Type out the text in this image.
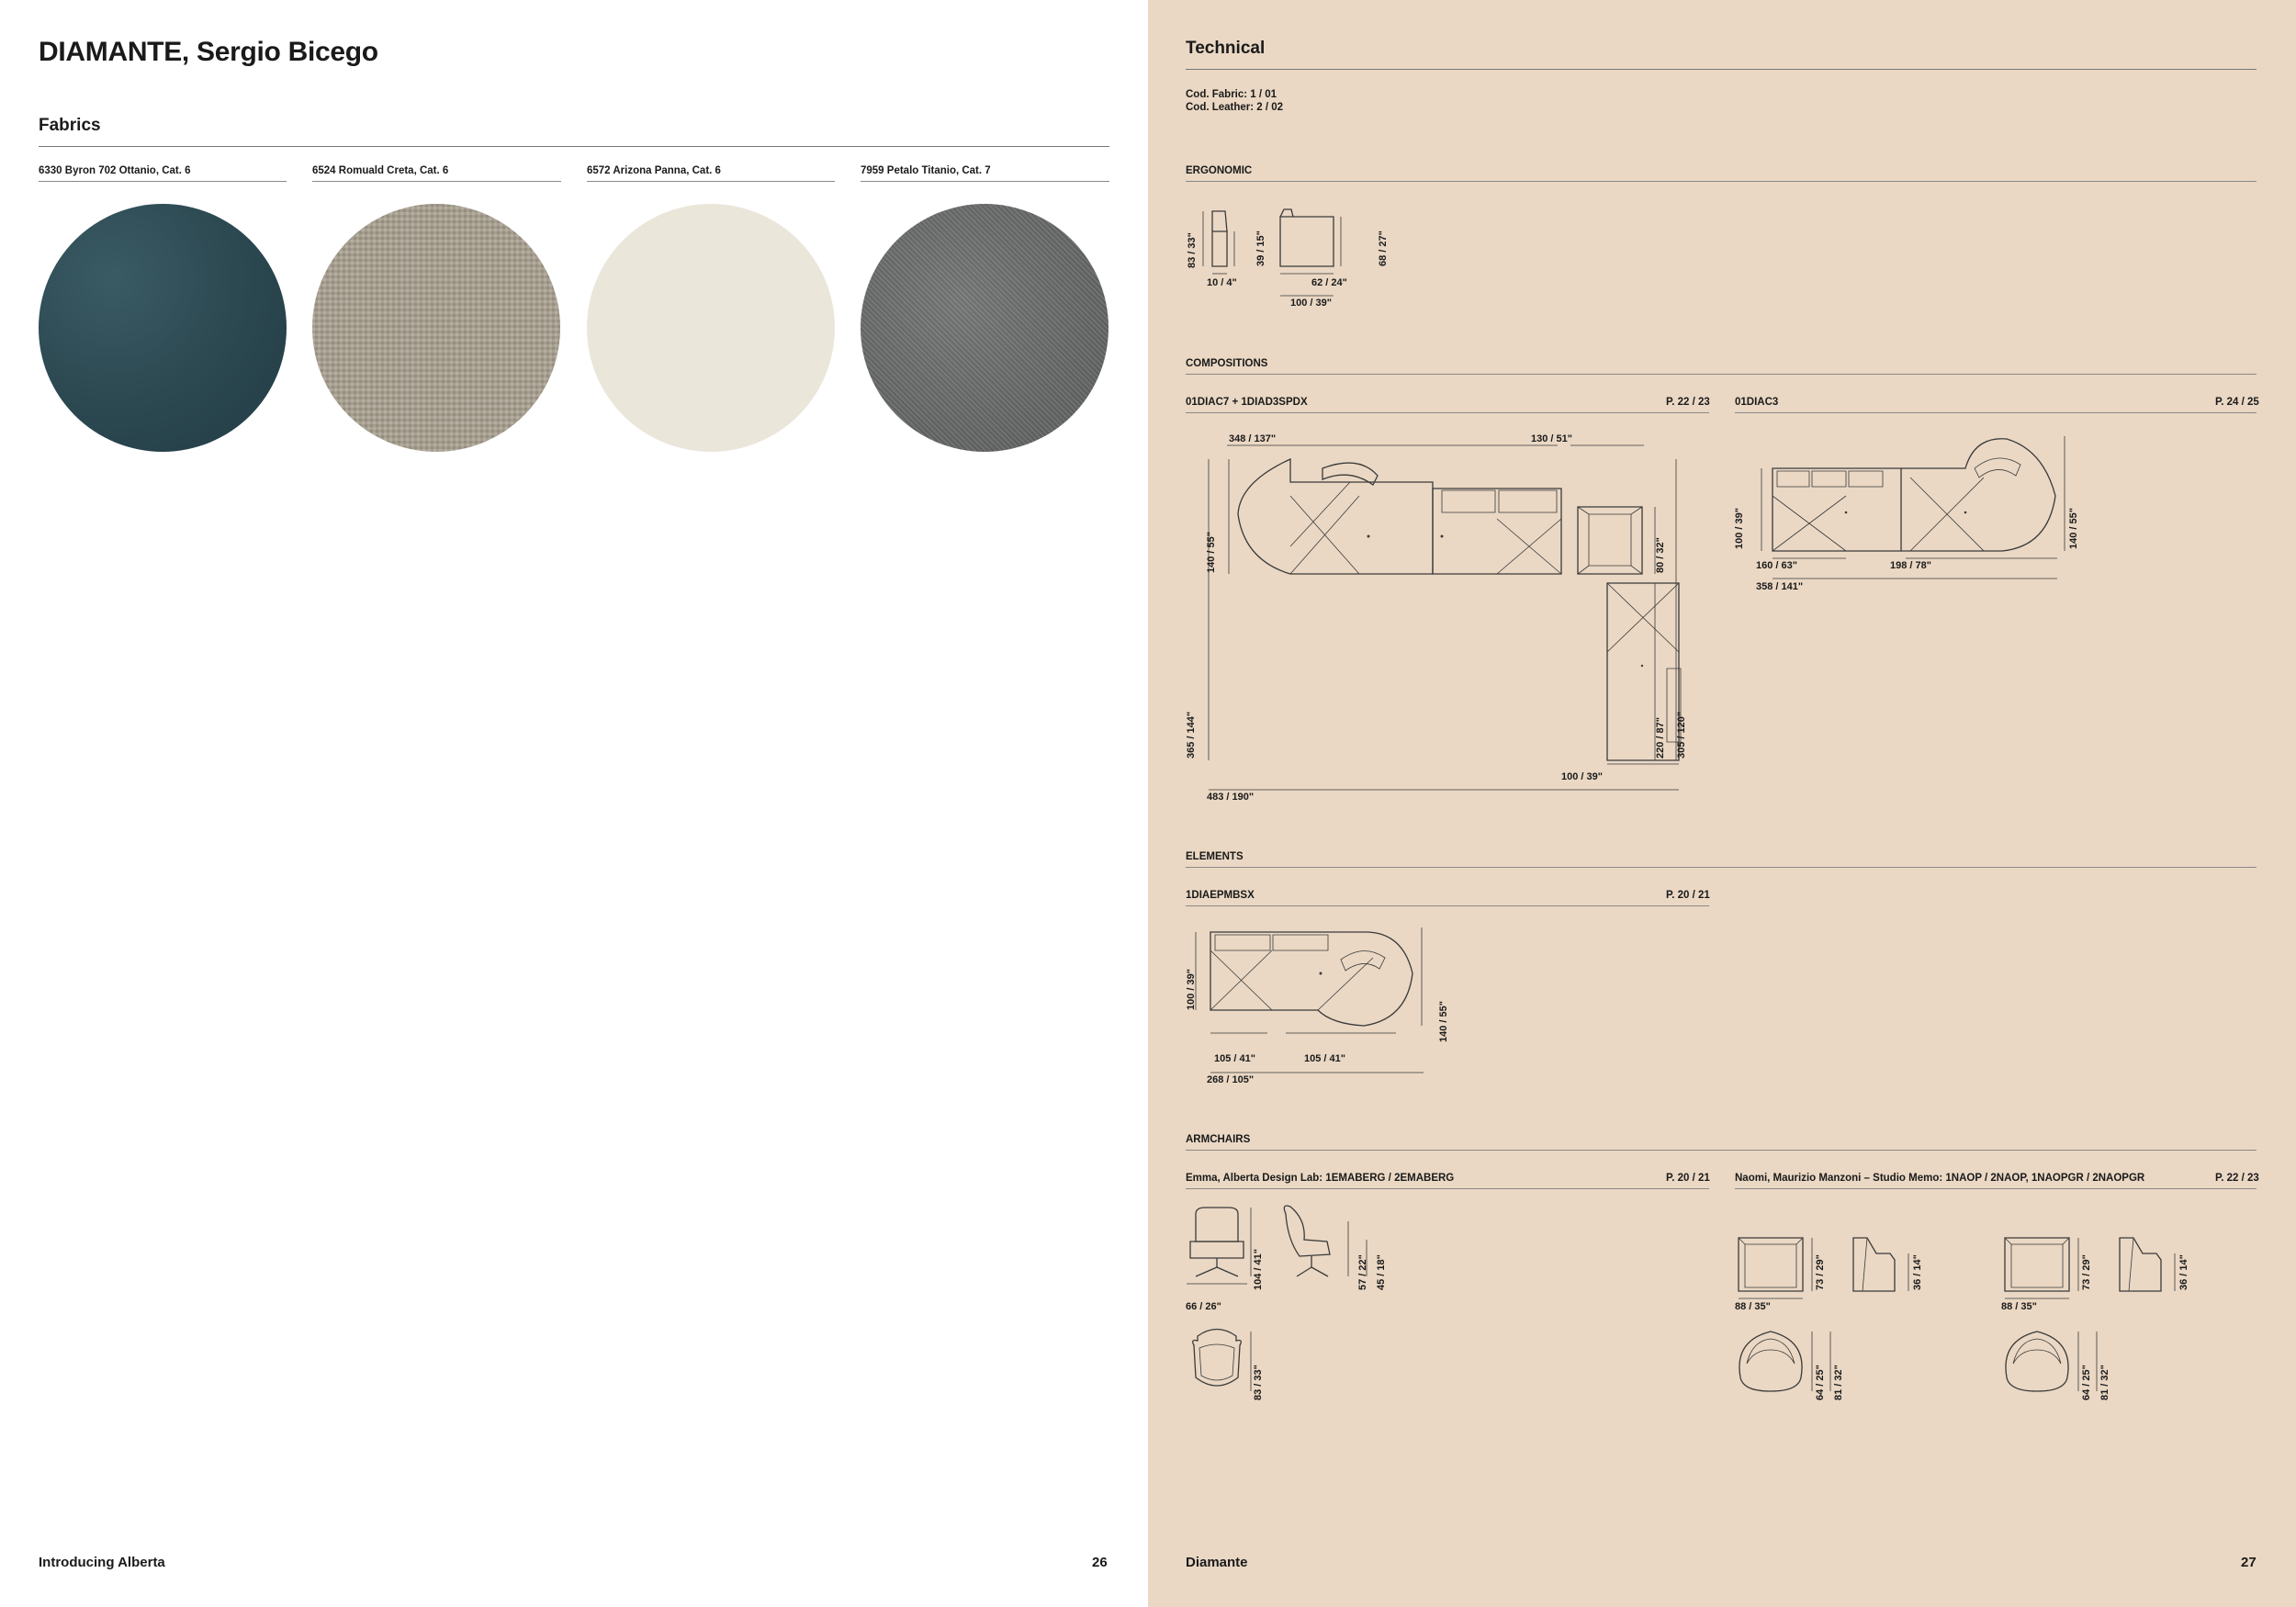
DIAMANTE, Sergio Bicego
Fabrics
6330 Byron 702 Ottanio, Cat. 6	6524 Romuald Creta, Cat. 6	6572 Arizona Panna, Cat. 6	7959 Petalo Titanio, Cat. 7
Introducing Alberta	26
Technical
Cod. Fabric: 1 / 01
Cod. Leather: 2 / 02
ERGONOMIC
83 / 33"	39 / 15"
10 / 4"	62 / 24"
100 / 39"
68 / 27"
COMPOSITIONS
01DIAC7 + 1DIAD3SPDX	P. 22 / 23 01DIAC3	P. 24 / 25
348 / 137"	130 / 51"
140 / 55"	80 / 32"
365 / 144"	220 / 87" 305 / 120"
100 / 39"
483 / 190"
100 / 39"
160 / 63"	198 / 78"
358 / 141"
140 / 55"
ELEMENTS
1DIAEPMBSX	P. 20 / 21
100 / 39"
105 / 41"	105 / 41"
268 / 105"
140 / 55"
ARMCHAIRS
Emma, Alberta Design Lab: 1EMABERG / 2EMABERG	P. 20 / 21 Naomi, Maurizio Manzoni – Studio Memo: 1NAOP / 2NAOP, 1NAOPGR / 2NAOPGR	P. 22 / 23
104 / 41"
66 / 26"
57 / 22" 45 / 18"
83 / 33"
73 / 29"
88 / 35"
36 / 14"	73 / 29"
88 / 35"
36 / 14"
64 / 25" 81 / 32"	64 / 25" 81 / 32"
Diamante	27
